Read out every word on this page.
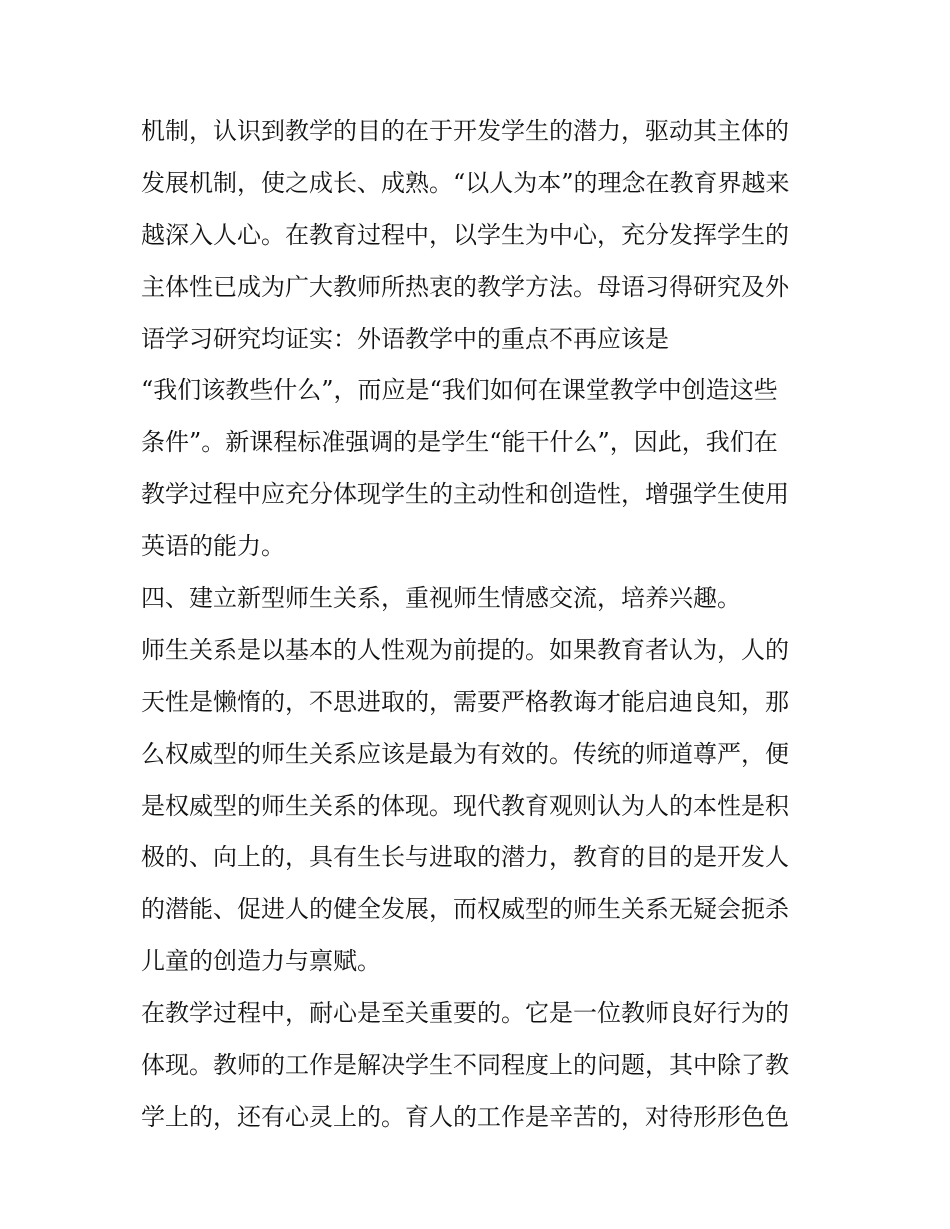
机制，认识到教学的目的在于开发学生的潜力，驱动其主体的

发展机制，使之成长、成熟。“以人为本”的理念在教育界越来

越深入人心。在教育过程中，以学生为中心，充分发挥学生的

主体性已成为广大教师所热衷的教学方法。母语习得研究及外

语学习研究均证实：外语教学中的重点不再应该是

“我们该教些什么”，而应是“我们如何在课堂教学中创造这些

条件”。新课程标准强调的是学生“能干什么”，因此，我们在

教学过程中应充分体现学生的主动性和创造性，增强学生使用

英语的能力。

四、建立新型师生关系，重视师生情感交流，培养兴趣。

师生关系是以基本的人性观为前提的。如果教育者认为，人的

天性是懒惰的，不思进取的，需要严格教诲才能启迪良知，那

么权威型的师生关系应该是最为有效的。传统的师道尊严，便

是权威型的师生关系的体现。现代教育观则认为人的本性是积

极的、向上的，具有生长与进取的潜力，教育的目的是开发人

的潜能、促进人的健全发展，而权威型的师生关系无疑会扼杀

儿童的创造力与禀赋。

在教学过程中，耐心是至关重要的。它是一位教师良好行为的

体现。教师的工作是解决学生不同程度上的问题，其中除了教

学上的，还有心灵上的。育人的工作是辛苦的，对待形形色色
